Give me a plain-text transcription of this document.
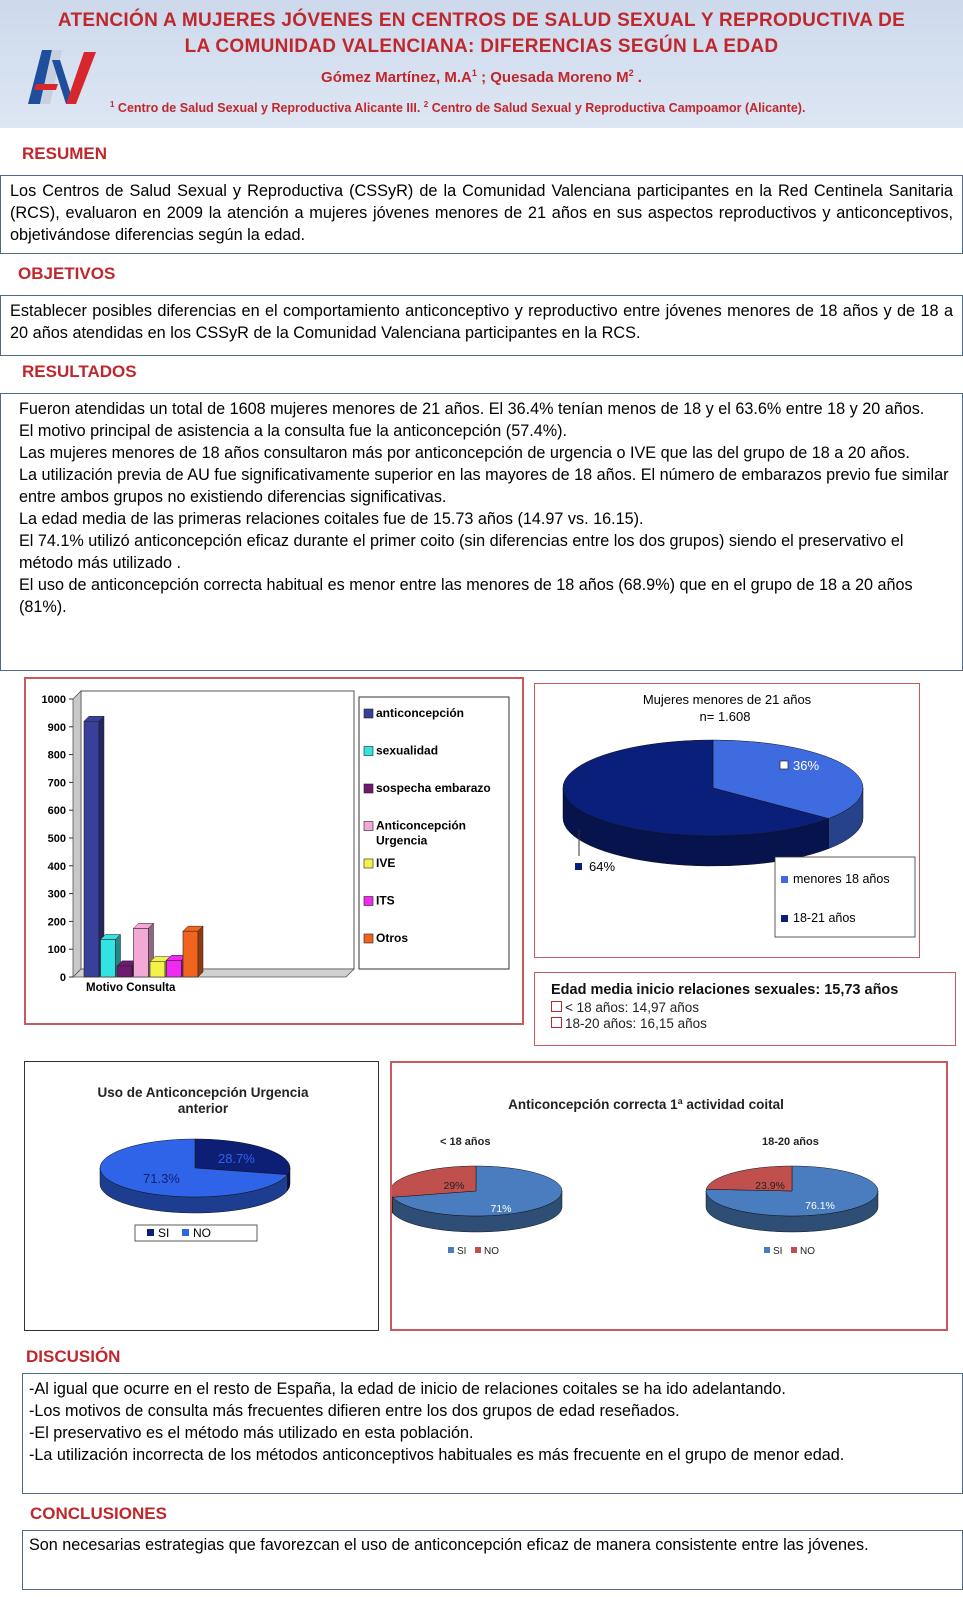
ATENCIÓN A MUJERES JÓVENES EN CENTROS DE SALUD SEXUAL Y REPRODUCTIVA DE
LA COMUNIDAD VALENCIANA: DIFERENCIAS SEGÚN LA EDAD
Gómez Martínez, $M.A^1$ ; Quesada Moreno $M^2$ .
$^1$ Centro de Salud Sexual y Reproductiva Alicante III. $^2$ Centro de Salud Sexual y Reproductiva Campoamor (Alicante).
RESUMEN
Los Centros de Salud Sexual y Reproductiva (CSSyR) de la Comunidad Valenciana participantes en la Red Centinela Sanitaria (RCS), evaluaron en 2009 la atención a mujeres jóvenes menores de 21 años en sus aspectos reproductivos y anticonceptivos, objetivándose diferencias según la edad.
OBJETIVOS
Establecer posibles diferencias en el comportamiento anticonceptivo y reproductivo entre jóvenes menores de 18 años y de 18 a 20 años atendidas en los CSSyR de la Comunidad Valenciana participantes en la RCS.
RESULTADOS
Fueron atendidas un total de 1608 mujeres menores de 21 años. El 36.4% tenían menos de 18 y el 63.6% entre 18 y 20 años.
El motivo principal de asistencia a la consulta fue la anticoncepción (57.4%).
Las mujeres menores de 18 años consultaron más por anticoncepción de urgencia o IVE que las del grupo de 18 a 20 años.
La utilización previa de AU fue significativamente superior en las mayores de 18 años. El número de embarazos previo fue similar entre ambos grupos no existiendo diferencias significativas.
La edad media de las primeras relaciones coitales fue de 15.73 años (14.97 vs. 16.15).
El 74.1% utilizó anticoncepción eficaz durante el primer coito (sin diferencias entre los dos grupos) siendo el preservativo el método más utilizado .
El uso de anticoncepción correcta habitual es menor entre las menores de 18 años (68.9%) que en el grupo de 18 a 20 años (81%).
0
100
200
300
400
500
600
700
800
900
1000
Motivo Consulta
anticoncepción
sexualidad
sospecha embarazo
Anticoncepción
Urgencia
IVE
ITS
Otros
Mujeres menores de 21 años
n= 1.608
36%
64%
menores 18 años
18-21 años
Edad media inicio relaciones sexuales: 15,73 años
< 18 años: 14,97 años
18-20 años: 16,15 años
Uso de Anticoncepción Urgencia
anterior
28.7%
71.3%
SI NO
Anticoncepción correcta 1ª actividad coital
< 18 años
71%
29%
SI NO
18-20 años
76.1%
23.9%
SI NO
DISCUSIÓN
-Al igual que ocurre en el resto de España, la edad de inicio de relaciones coitales se ha ido adelantando.
-Los motivos de consulta más frecuentes difieren entre los dos grupos de edad reseñados.
-El preservativo es el método más utilizado en esta población.
-La utilización incorrecta de los métodos anticonceptivos habituales es más frecuente en el grupo de menor edad.
CONCLUSIONES
Son necesarias estrategias que favorezcan el uso de anticoncepción eficaz de manera consistente entre las jóvenes.
